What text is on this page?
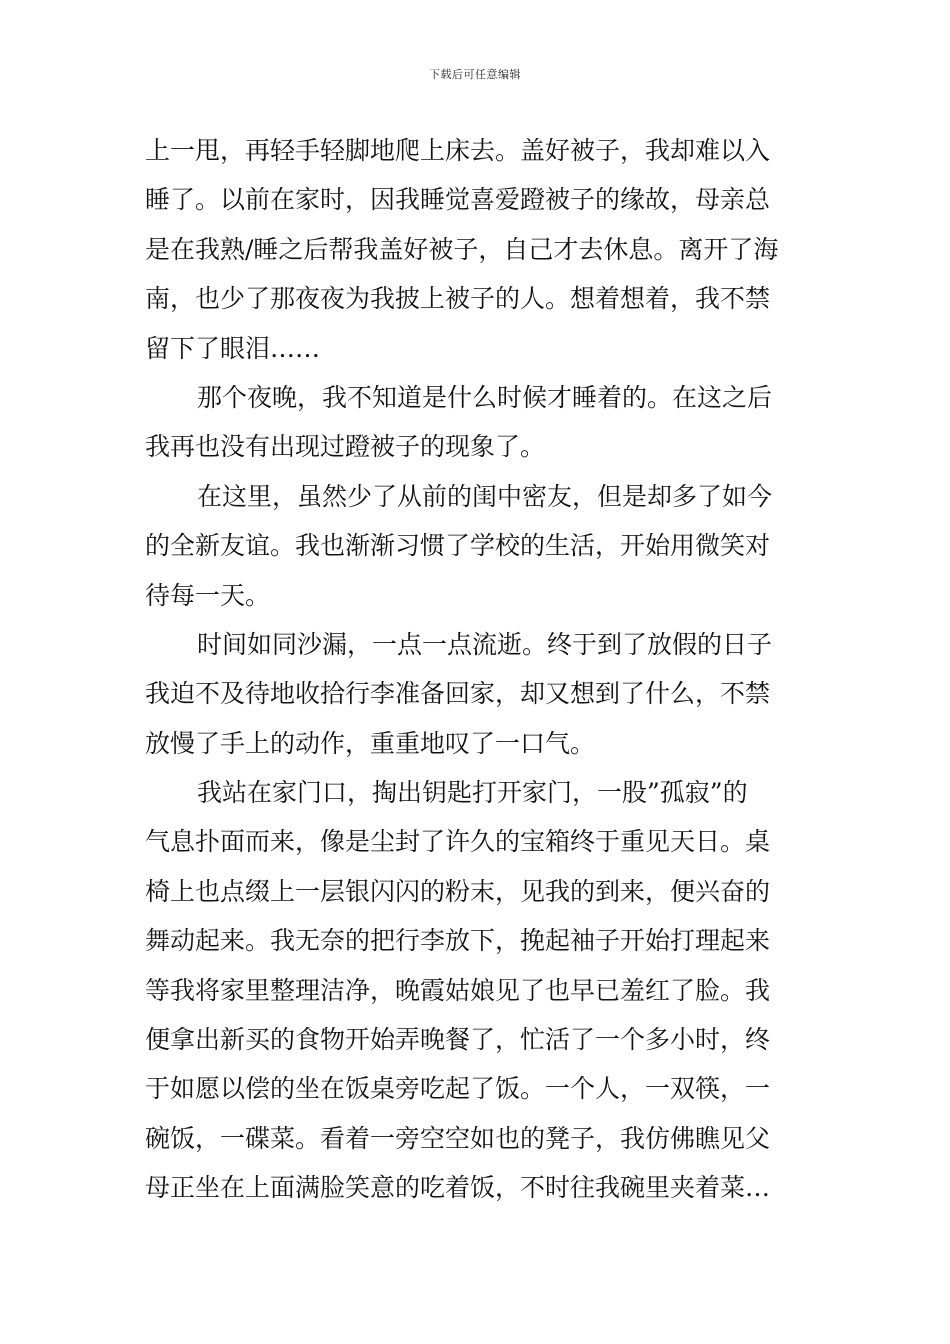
下载后可任意编辑
上一甩，再轻手轻脚地爬上床去。盖好被子，我却难以入
睡了。以前在家时，因我睡觉喜爱蹬被子的缘故，母亲总
是在我熟/睡之后帮我盖好被子，自己才去休息。离开了海
南，也少了那夜夜为我披上被子的人。想着想着，我不禁
留下了眼泪……
那个夜晚，我不知道是什么时候才睡着的。在这之后
我再也没有出现过蹬被子的现象了。
在这里，虽然少了从前的闺中密友，但是却多了如今
的全新友谊。我也渐渐习惯了学校的生活，开始用微笑对
待每一天。
时间如同沙漏，一点一点流逝。终于到了放假的日子
我迫不及待地收拾行李准备回家，却又想到了什么，不禁
放慢了手上的动作，重重地叹了一口气。
我站在家门口，掏出钥匙打开家门，一股”孤寂”的
气息扑面而来，像是尘封了许久的宝箱终于重见天日。桌
椅上也点缀上一层银闪闪的粉末，见我的到来，便兴奋的
舞动起来。我无奈的把行李放下，挽起袖子开始打理起来
等我将家里整理洁净，晚霞姑娘见了也早已羞红了脸。我
便拿出新买的食物开始弄晚餐了，忙活了一个多小时，终
于如愿以偿的坐在饭桌旁吃起了饭。一个人，一双筷，一
碗饭，一碟菜。看着一旁空空如也的凳子，我仿佛瞧见父
母正坐在上面满脸笑意的吃着饭，不时往我碗里夹着菜…
